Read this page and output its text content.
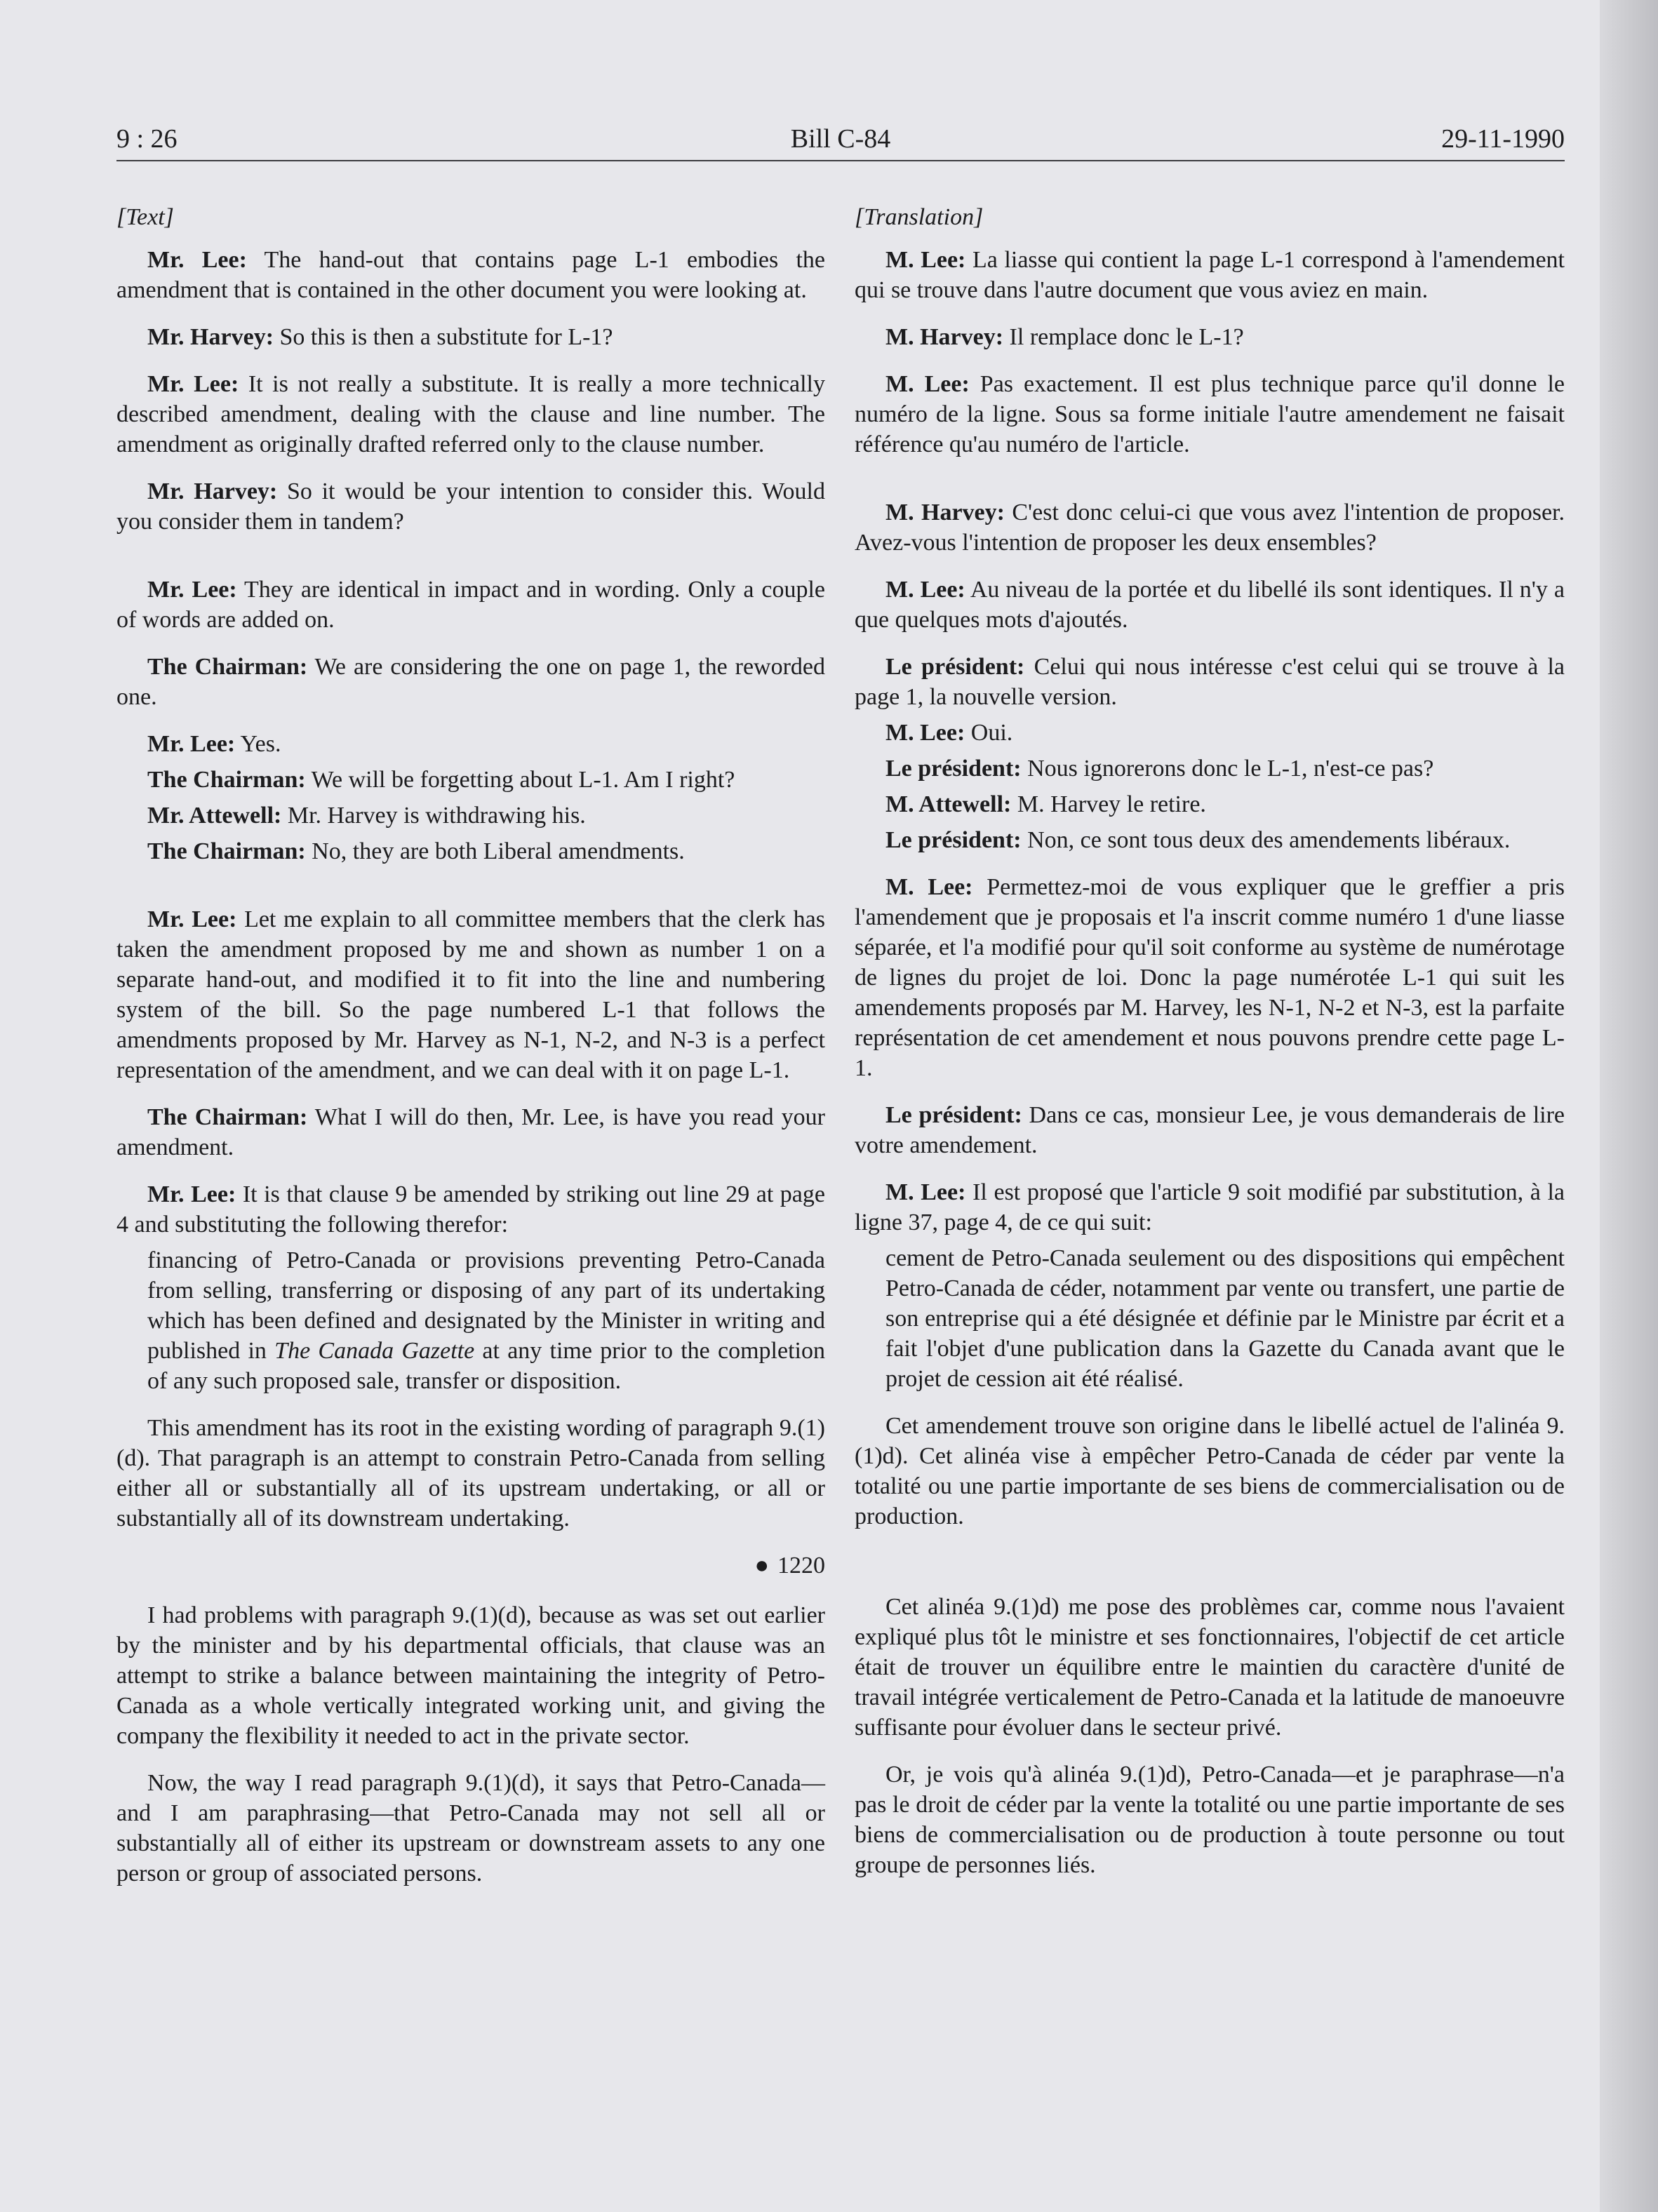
9 : 26	Bill C-84	29-11-1990
[Text]

Mr. Lee: The hand-out that contains page L-1 embodies the amendment that is contained in the other document you were looking at.

Mr. Harvey: So this is then a substitute for L-1?

Mr. Lee: It is not really a substitute. It is really a more technically described amendment, dealing with the clause and line number. The amendment as originally drafted referred only to the clause number.

Mr. Harvey: So it would be your intention to consider this. Would you consider them in tandem?

Mr. Lee: They are identical in impact and in wording. Only a couple of words are added on.

The Chairman: We are considering the one on page 1, the reworded one.

Mr. Lee: Yes.

The Chairman: We will be forgetting about L-1. Am I right?

Mr. Attewell: Mr. Harvey is withdrawing his.

The Chairman: No, they are both Liberal amendments.

Mr. Lee: Let me explain to all committee members that the clerk has taken the amendment proposed by me and shown as number 1 on a separate hand-out, and modified it to fit into the line and numbering system of the bill. So the page numbered L-1 that follows the amendments proposed by Mr. Harvey as N-1, N-2, and N-3 is a perfect representation of the amendment, and we can deal with it on page L-1.

The Chairman: What I will do then, Mr. Lee, is have you read your amendment.

Mr. Lee: It is that clause 9 be amended by striking out line 29 at page 4 and substituting the following therefor:

financing of Petro-Canada or provisions preventing Petro-Canada from selling, transferring or disposing of any part of its undertaking which has been defined and designated by the Minister in writing and published in The Canada Gazette at any time prior to the completion of any such proposed sale, transfer or disposition.

This amendment has its root in the existing wording of paragraph 9.(1)(d). That paragraph is an attempt to constrain Petro-Canada from selling either all or substantially all of its upstream undertaking, or all or substantially all of its downstream undertaking.

● 1220

I had problems with paragraph 9.(1)(d), because as was set out earlier by the minister and by his departmental officials, that clause was an attempt to strike a balance between maintaining the integrity of Petro-Canada as a whole vertically integrated working unit, and giving the company the flexibility it needed to act in the private sector.

Now, the way I read paragraph 9.(1)(d), it says that Petro-Canada—and I am paraphrasing—that Petro-Canada may not sell all or substantially all of either its upstream or downstream assets to any one person or group of associated persons.

[Translation]

M. Lee: La liasse qui contient la page L-1 correspond à l'amendement qui se trouve dans l'autre document que vous aviez en main.

M. Harvey: Il remplace donc le L-1?

M. Lee: Pas exactement. Il est plus technique parce qu'il donne le numéro de la ligne. Sous sa forme initiale l'autre amendement ne faisait référence qu'au numéro de l'article.

M. Harvey: C'est donc celui-ci que vous avez l'intention de proposer. Avez-vous l'intention de proposer les deux ensembles?

M. Lee: Au niveau de la portée et du libellé ils sont identiques. Il n'y a que quelques mots d'ajoutés.

Le président: Celui qui nous intéresse c'est celui qui se trouve à la page 1, la nouvelle version.

M. Lee: Oui.

Le président: Nous ignorerons donc le L-1, n'est-ce pas?

M. Attewell: M. Harvey le retire.

Le président: Non, ce sont tous deux des amendements libéraux.

M. Lee: Permettez-moi de vous expliquer que le greffier a pris l'amendement que je proposais et l'a inscrit comme numéro 1 d'une liasse séparée, et l'a modifié pour qu'il soit conforme au système de numérotage de lignes du projet de loi. Donc la page numérotée L-1 qui suit les amendements proposés par M. Harvey, les N-1, N-2 et N-3, est la parfaite représentation de cet amendement et nous pouvons prendre cette page L-1.

Le président: Dans ce cas, monsieur Lee, je vous demanderais de lire votre amendement.

M. Lee: Il est proposé que l'article 9 soit modifié par substitution, à la ligne 37, page 4, de ce qui suit:

cement de Petro-Canada seulement ou des dispositions qui empêchent Petro-Canada de céder, notamment par vente ou transfert, une partie de son entreprise qui a été désignée et définie par le Ministre par écrit et a fait l'objet d'une publication dans la Gazette du Canada avant que le projet de cession ait été réalisé.

Cet amendement trouve son origine dans le libellé actuel de l'alinéa 9.(1)d). Cet alinéa vise à empêcher Petro-Canada de céder par vente la totalité ou une partie importante de ses biens de commercialisation ou de production.

Cet alinéa 9.(1)d) me pose des problèmes car, comme nous l'avaient expliqué plus tôt le ministre et ses fonctionnaires, l'objectif de cet article était de trouver un équilibre entre le maintien du caractère d'unité de travail intégrée verticalement de Petro-Canada et la latitude de manoeuvre suffisante pour évoluer dans le secteur privé.

Or, je vois qu'à alinéa 9.(1)d), Petro-Canada—et je paraphrase—n'a pas le droit de céder par la vente la totalité ou une partie importante de ses biens de commercialisation ou de production à toute personne ou tout groupe de personnes liés.
